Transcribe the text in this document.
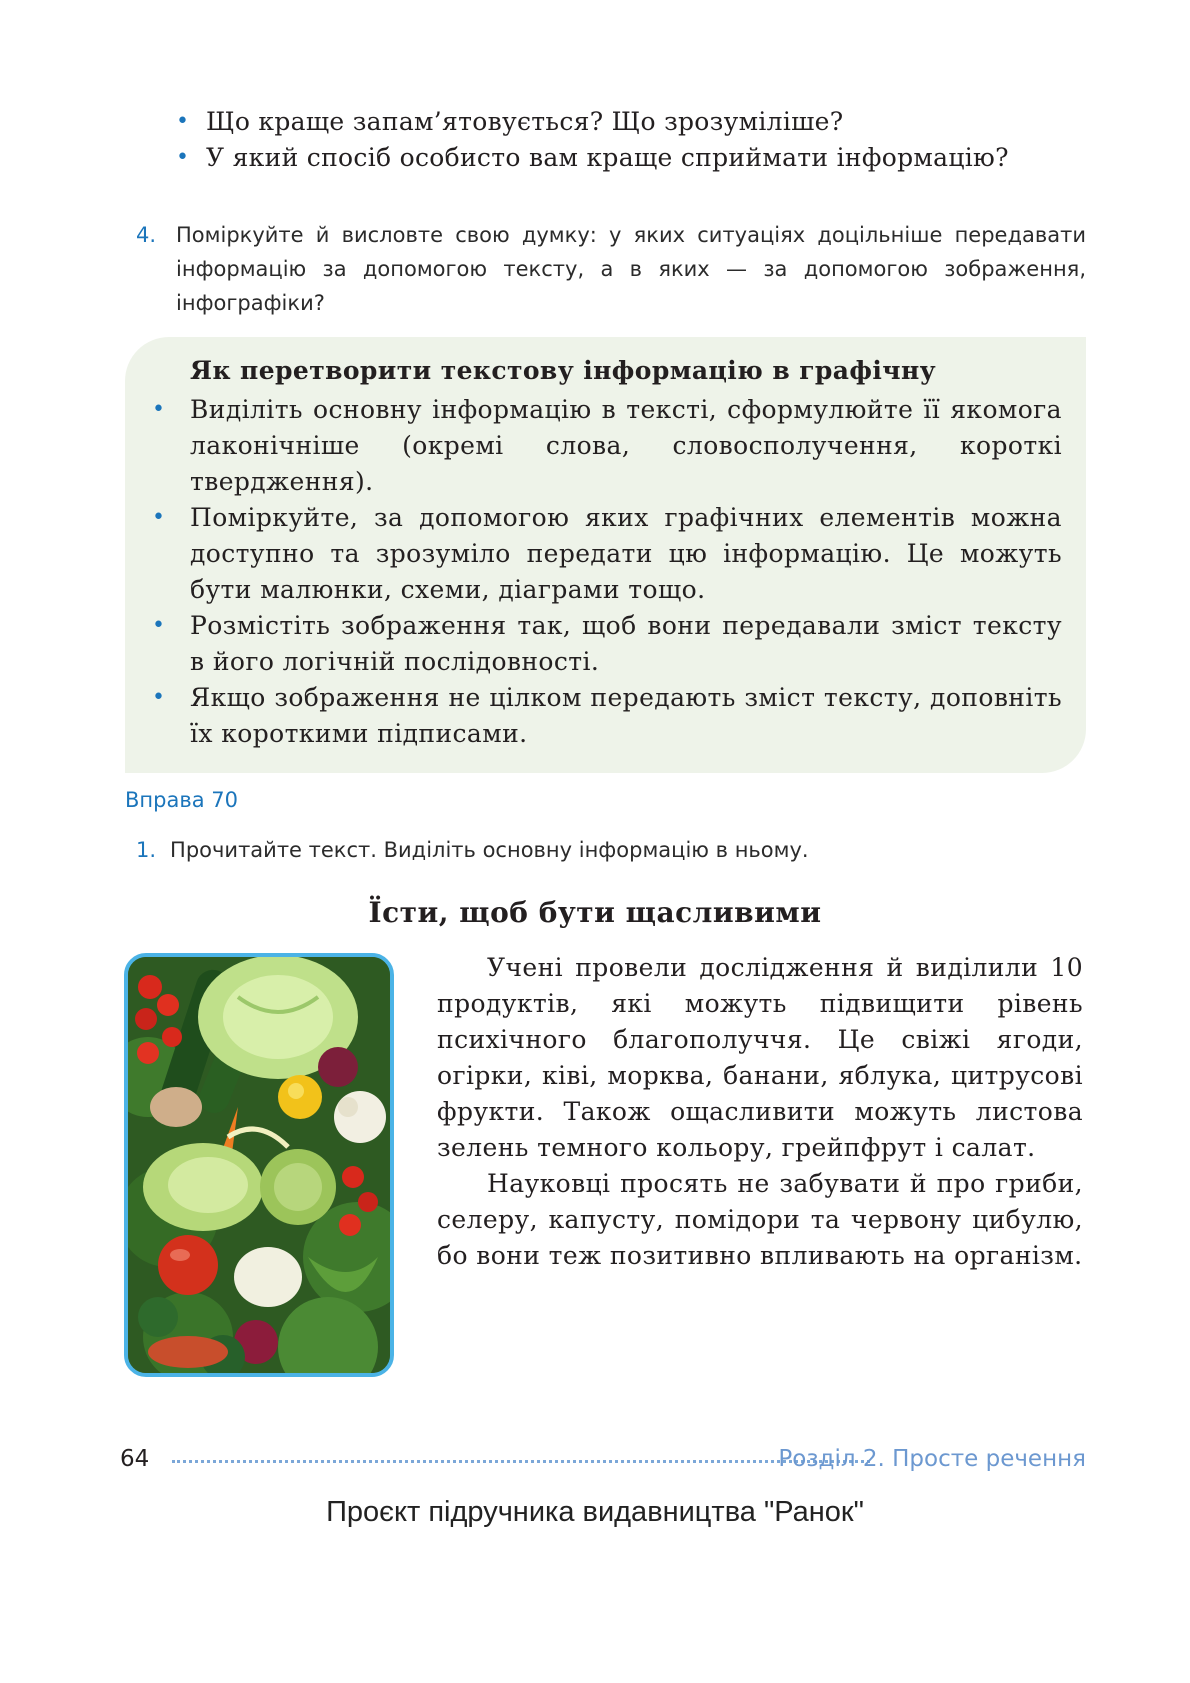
• Що краще запам’ятовується? Що зрозуміліше?
• У який спосіб особисто вам краще сприймати інформацію?
4. Поміркуйте й висловте свою думку: у яких ситуаціях доцільніше передавати інформацію за допомогою тексту, а в яких — за допомогою зображення, інфографіки?
Як перетворити текстову інформацію в графічну
• Виділіть основну інформацію в тексті, сформулюйте її якомога лаконічніше (окремі слова, словосполучення, короткі твердження).
• Поміркуйте, за допомогою яких графічних елементів можна доступно та зрозуміло передати цю інформацію. Це можуть бути малюнки, схеми, діаграми тощо.
• Розмістіть зображення так, щоб вони передавали зміст тексту в його логічній послідовності.
• Якщо зображення не цілком передають зміст тексту, доповніть їх короткими підписами.
Вправа 70
1. Прочитайте текст. Виділіть основну інформацію в ньому.
Їсти, щоб бути щасливими

Учені провели дослідження й виділили 10 продуктів, які можуть підвищити рівень психічного благополуччя. Це свіжі ягоди, огірки, ківі, морква, банани, яблука, цитрусові фрукти. Також ощасливити можуть листова зелень темного кольору, грейпфрут і салат.

Науковці просять не забувати й про гриби, селеру, капусту, помідори та червону цибулю, бо вони теж позитивно впливають на організм.

64	Розділ 2. Просте речення
Проєкт підручника видавництва "Ранок"
